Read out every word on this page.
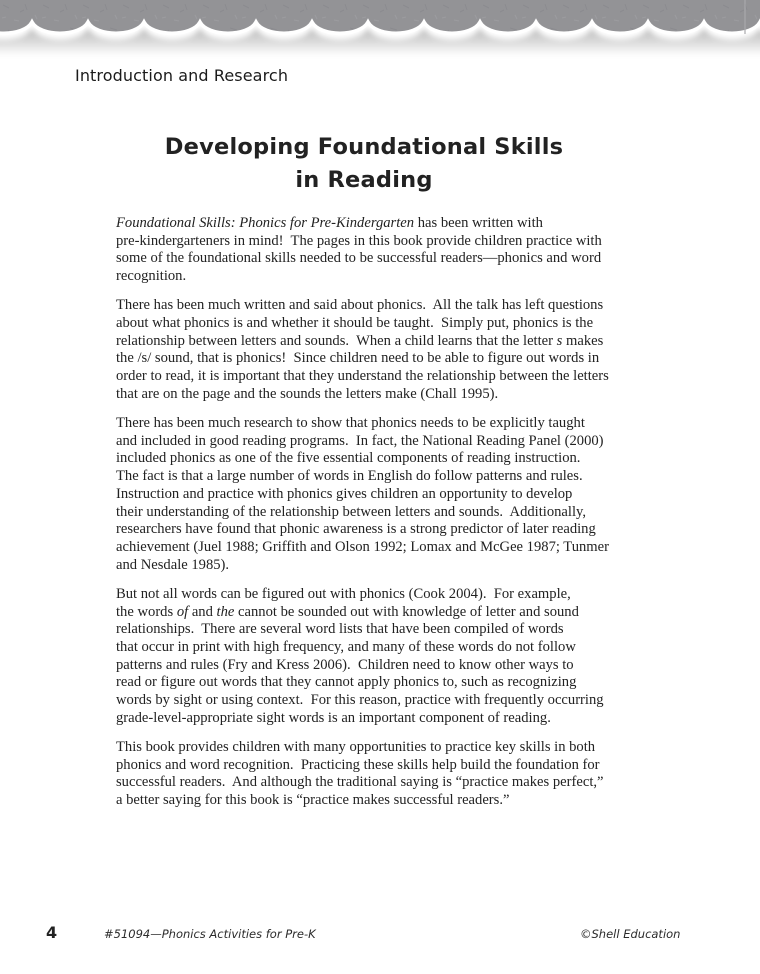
Introduction and Research
Developing Foundational Skills
in Reading

Foundational Skills: Phonics for Pre-Kindergarten has been written with
pre-kindergarteners in mind!  The pages in this book provide children practice with
some of the foundational skills needed to be successful readers—phonics and word
recognition.

There has been much written and said about phonics.  All the talk has left questions
about what phonics is and whether it should be taught.  Simply put, phonics is the
relationship between letters and sounds.  When a child learns that the letter s makes
the /s/ sound, that is phonics!  Since children need to be able to figure out words in
order to read, it is important that they understand the relationship between the letters
that are on the page and the sounds the letters make (Chall 1995).

There has been much research to show that phonics needs to be explicitly taught
and included in good reading programs.  In fact, the National Reading Panel (2000)
included phonics as one of the five essential components of reading instruction.
The fact is that a large number of words in English do follow patterns and rules.
Instruction and practice with phonics gives children an opportunity to develop
their understanding of the relationship between letters and sounds.  Additionally,
researchers have found that phonic awareness is a strong predictor of later reading
achievement (Juel 1988; Griffith and Olson 1992; Lomax and McGee 1987; Tunmer
and Nesdale 1985).

But not all words can be figured out with phonics (Cook 2004).  For example,
the words of and the cannot be sounded out with knowledge of letter and sound
relationships.  There are several word lists that have been compiled of words
that occur in print with high frequency, and many of these words do not follow
patterns and rules (Fry and Kress 2006).  Children need to know other ways to
read or figure out words that they cannot apply phonics to, such as recognizing
words by sight or using context.  For this reason, practice with frequently occurring
grade-level-appropriate sight words is an important component of reading.

This book provides children with many opportunities to practice key skills in both
phonics and word recognition.  Practicing these skills help build the foundation for
successful readers.  And although the traditional saying is “practice makes perfect,”
a better saying for this book is “practice makes successful readers.”

4	#51094—Phonics Activities for Pre-K	©Shell Education
